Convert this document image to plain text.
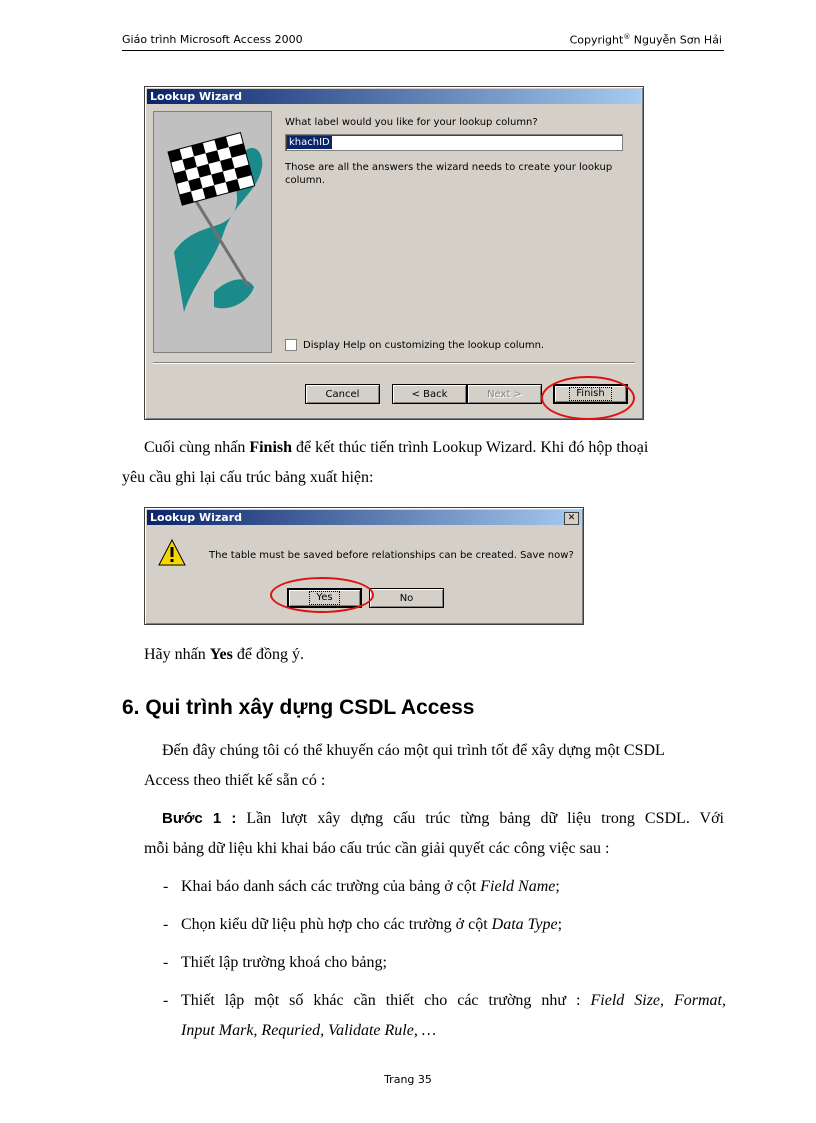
Giáo trình Microsoft Access 2000	Copyright® Nguyễn Sơn Hải
Lookup Wizard
What label would you like for your lookup column?
khachID
Those are all the answers the wizard needs to create your lookup column.
Display Help on customizing the lookup column.
Cancel	< Back	Next >	Finish
Cuối cùng nhấn Finish để kết thúc tiến trình Lookup Wizard. Khi đó hộp thoại
yêu cầu ghi lại cấu trúc bảng xuất hiện:
Lookup Wizard	✕
The table must be saved before relationships can be created. Save now?
Yes	No
Hãy nhấn Yes để đồng ý.
6. Qui trình xây dựng CSDL Access
Đến đây chúng tôi có thể khuyến cáo một qui trình tốt để xây dựng một CSDL
Access theo thiết kế sẵn có :
Bước 1 : Lần lượt xây dựng cấu trúc từng bảng dữ liệu trong CSDL. Với
mỗi bảng dữ liệu khi khai báo cấu trúc cần giải quyết các công việc sau :
- Khai báo danh sách các trường của bảng ở cột Field Name;
- Chọn kiểu dữ liệu phù hợp cho các trường ở cột Data Type;
- Thiết lập trường khoá cho bảng;
- Thiết lập một số khác cần thiết cho các trường như : Field Size, Format,
Input Mark, Requried, Validate Rule, …
Trang 35
